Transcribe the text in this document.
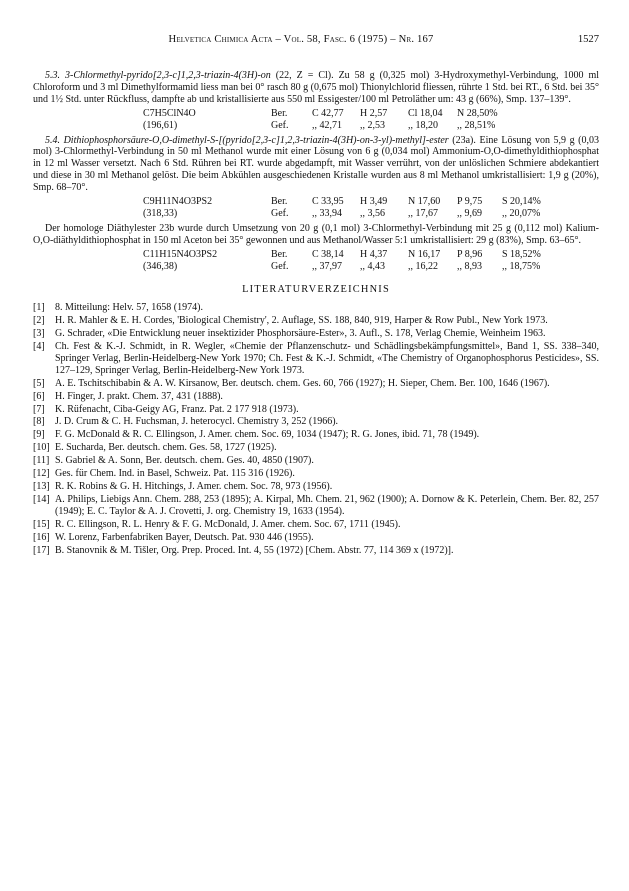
Helvetica Chimica Acta – Vol. 58, Fasc. 6 (1975) – Nr. 167	1527

5.3. 3-Chlormethyl-pyrido[2,3-c]1,2,3-triazin-4(3H)-on (22, Z = Cl). Zu 58 g (0,325 mol) 3-Hydroxymethyl-Verbindung, 1000 ml Chloroform und 3 ml Dimethylformamid liess man bei 0° rasch 80 g (0,675 mol) Thionylchlorid fliessen, rührte 1 Std. bei RT., 6 Std. bei 35° und 1½ Std. unter Rückfluss, dampfte ab und kristallisierte aus 550 ml Essigester/100 ml Petroläther um: 43 g (66%), Smp. 137–139°.

C7H5ClN4O	Ber.	C 42,77	H 2,57	Cl 18,04	N 28,50%
(196,61)	Gef.	,, 42,71	,, 2,53	,, 18,20	,, 28,51%

5.4. Dithiophosphorsäure-O,O-dimethyl-S-[(pyrido[2,3-c]1,2,3-triazin-4(3H)-on-3-yl)-methyl]-ester (23a). Eine Lösung von 5,9 g (0,03 mol) 3-Chlormethyl-Verbindung in 50 ml Methanol wurde mit einer Lösung von 6 g (0,034 mol) Ammonium-O,O-dimethyldithiophosphat in 12 ml Wasser versetzt. Nach 6 Std. Rühren bei RT. wurde abgedampft, mit Wasser verrührt, von der unlöslichen Schmiere abdekantiert und diese in 30 ml Methanol gelöst. Die beim Abkühlen ausgeschiedenen Kristalle wurden aus 8 ml Methanol umkristallisiert: 1,9 g (20%), Smp. 68–70°.

C9H11N4O3PS2	Ber.	C 33,95	H 3,49	N 17,60	P 9,75	S 20,14%
(318,33)	Gef.	,, 33,94	,, 3,56	,, 17,67	,, 9,69	,, 20,07%

Der homologe Diäthylester 23b wurde durch Umsetzung von 20 g (0,1 mol) 3-Chlormethyl-Verbindung mit 25 g (0,112 mol) Kalium-O,O-diäthyldithiophosphat in 150 ml Aceton bei 35° gewonnen und aus Methanol/Wasser 5:1 umkristallisiert: 29 g (83%), Smp. 63–65°.

C11H15N4O3PS2	Ber.	C 38,14	H 4,37	N 16,17	P 8,96	S 18,52%
(346,38)	Gef.	,, 37,97	,, 4,43	,, 16,22	,, 8,93	,, 18,75%
LITERATURVERZEICHNIS

[1]	8. Mitteilung: Helv. 57, 1658 (1974).

[2]	H. R. Mahler & E. H. Cordes, 'Biological Chemistry', 2. Auflage, SS. 188, 840, 919, Harper & Row Publ., New York 1973.

[3]	G. Schrader, «Die Entwicklung neuer insektizider Phosphorsäure-Ester», 3. Aufl., S. 178, Verlag Chemie, Weinheim 1963.

[4]	Ch. Fest & K.-J. Schmidt, in R. Wegler, «Chemie der Pflanzenschutz- und Schädlingsbekämpfungsmittel», Band 1, SS. 338–340, Springer Verlag, Berlin-Heidelberg-New York 1970; Ch. Fest & K.-J. Schmidt, «The Chemistry of Organophosphorus Pesticides», SS. 127–129, Springer Verlag, Berlin-Heidelberg-New York 1973.

[5]	A. E. Tschitschibabin & A. W. Kirsanow, Ber. deutsch. chem. Ges. 60, 766 (1927); H. Sieper, Chem. Ber. 100, 1646 (1967).

[6]	H. Finger, J. prakt. Chem. 37, 431 (1888).

[7]	K. Rüfenacht, Ciba-Geigy AG, Franz. Pat. 2 177 918 (1973).

[8]	J. D. Crum & C. H. Fuchsman, J. heterocycl. Chemistry 3, 252 (1966).

[9]	F. G. McDonald & R. C. Ellingson, J. Amer. chem. Soc. 69, 1034 (1947); R. G. Jones, ibid. 71, 78 (1949).

[10] E. Sucharda, Ber. deutsch. chem. Ges. 58, 1727 (1925).

[11] S. Gabriel & A. Sonn, Ber. deutsch. chem. Ges. 40, 4850 (1907).

[12] Ges. für Chem. Ind. in Basel, Schweiz. Pat. 115 316 (1926).

[13] R. K. Robins & G. H. Hitchings, J. Amer. chem. Soc. 78, 973 (1956).

[14] A. Philips, Liebigs Ann. Chem. 288, 253 (1895); A. Kirpal, Mh. Chem. 21, 962 (1900); A. Dornow & K. Peterlein, Chem. Ber. 82, 257 (1949); E. C. Taylor & A. J. Crovetti, J. org. Chemistry 19, 1633 (1954).

[15] R. C. Ellingson, R. L. Henry & F. G. McDonald, J. Amer. chem. Soc. 67, 1711 (1945).

[16] W. Lorenz, Farbenfabriken Bayer, Deutsch. Pat. 930 446 (1955).

[17] B. Stanovnik & M. Tišler, Org. Prep. Proced. Int. 4, 55 (1972) [Chem. Abstr. 77, 114 369 x (1972)].
